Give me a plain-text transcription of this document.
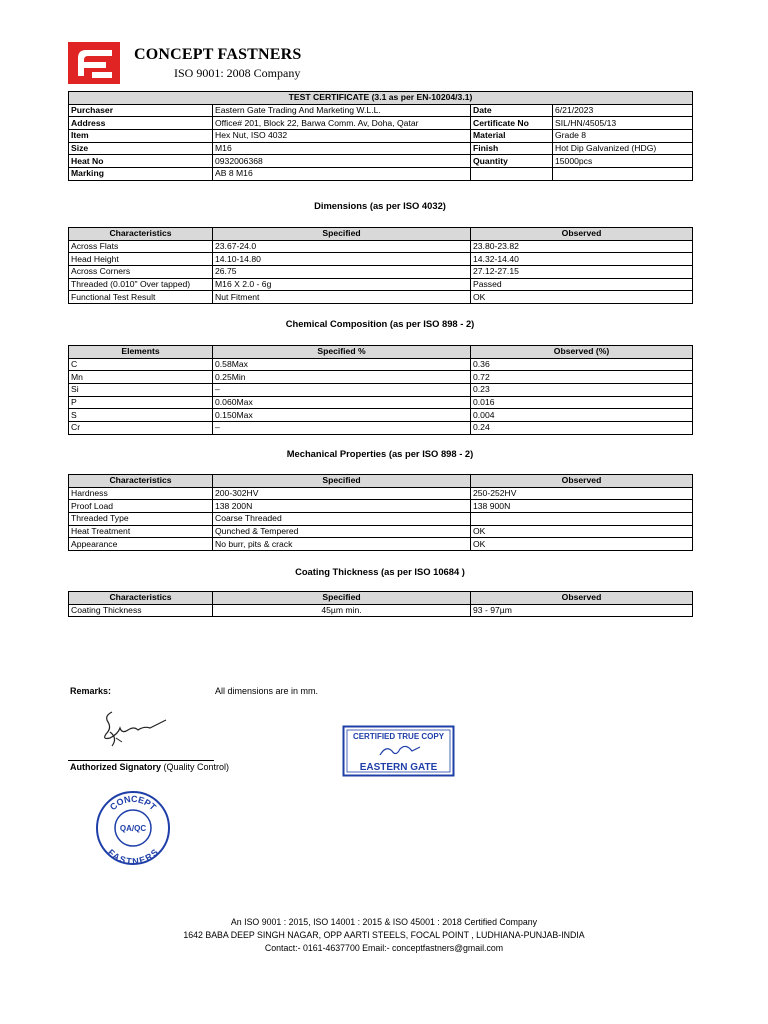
CONCEPT FASTNERS
ISO 9001: 2008 Company
TEST CERTIFICATE (3.1 as per EN-10204/3.1)			
Purchaser	Eastern Gate Trading And Marketing W.L.L.	Date	6/21/2023
Address	Office# 201, Block 22, Barwa Comm. Av, Doha, Qatar	Certificate No	SIL/HN/4505/13
Item	Hex Nut, ISO 4032	Material	Grade 8
Size	M16	Finish	Hot Dip Galvanized (HDG)
Heat No	0932006368	Quantity	15000pcs
Marking	AB 8 M16		
Dimensions (as per ISO 4032)
Characteristics	Specified	Observed
Across Flats	23.67-24.0	23.80-23.82
Head Height	14.10-14.80	14.32-14.40
Across Corners	26.75	27.12-27.15
Threaded (0.010" Over tapped)	M16 X 2.0 - 6g	Passed
Functional Test Result	Nut Fitment	OK
Chemical Composition (as per ISO 898 - 2)
Elements	Specified %	Observed (%)
C	0.58Max	0.36
Mn	0.25Min	0.72
Si	–	0.23
P	0.060Max	0.016
S	0.150Max	0.004
Cr	–	0.24
Mechanical Properties (as per ISO 898 - 2)
Characteristics	Specified	Observed
Hardness	200-302HV	250-252HV
Proof Load	138 200N	138 900N
Threaded Type	Coarse Threaded	
Heat Treatment	Qunched & Tempered	OK
Appearance	No burr, pits & crack	OK
Coating Thickness (as per ISO 10684 )
Characteristics	Specified	Observed
Coating Thickness	45µm min.	93 - 97µm
Remarks:	All dimensions are in mm.
Authorized Signatory (Quality Control)
CERTIFIED TRUE COPY
EASTERN GATE
CONCEPT
FASTNERS
QA/QC
An ISO 9001 : 2015, ISO 14001 : 2015 & ISO 45001 : 2018 Certified Company
1642 BABA DEEP SINGH NAGAR, OPP AARTI STEELS, FOCAL POINT , LUDHIANA-PUNJAB-INDIA
Contact:- 0161-4637700 Email:- conceptfastners@gmail.com
